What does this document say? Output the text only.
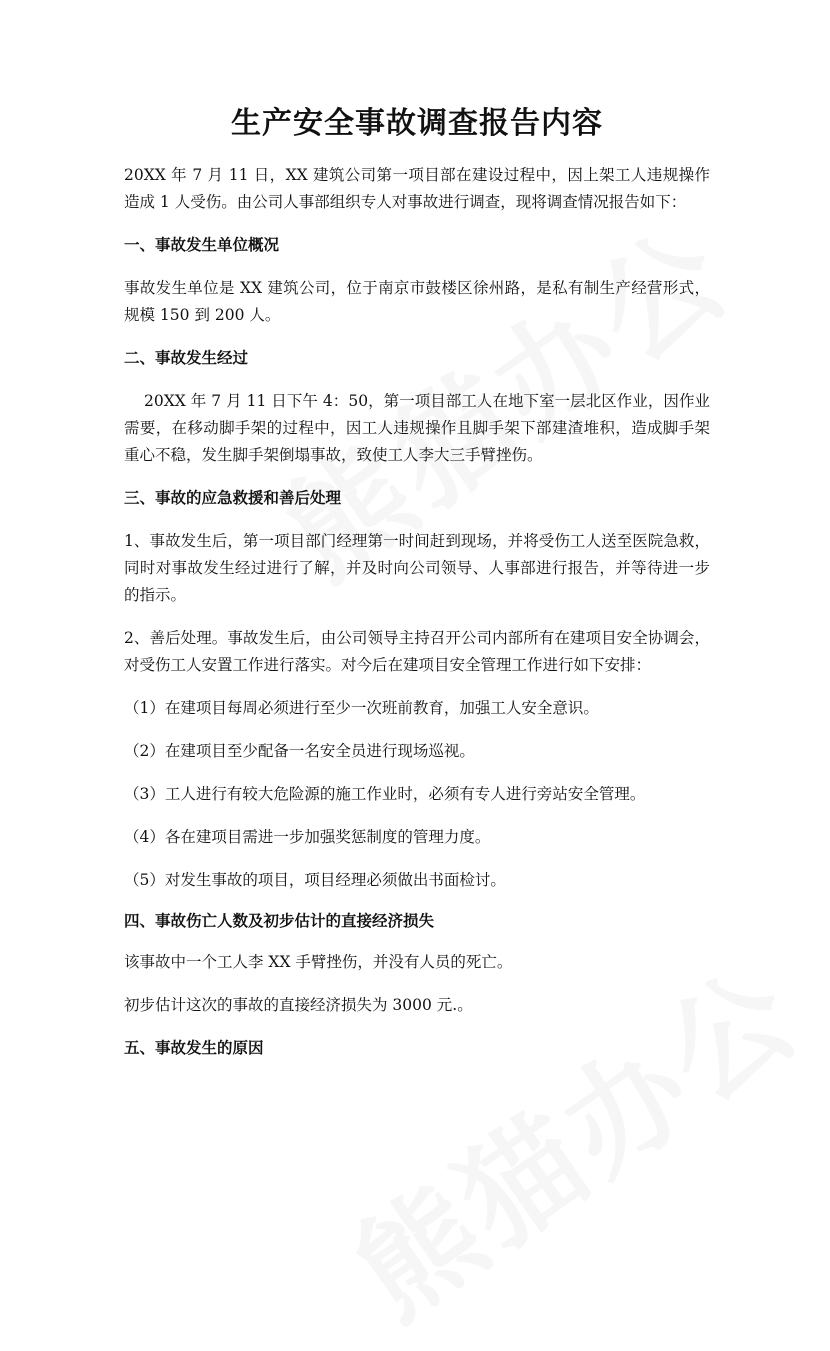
生产安全事故调查报告内容

20XX 年 7 月 11 日，XX 建筑公司第一项目部在建设过程中，因上架工人违规操作造成 1 人受伤。由公司人事部组织专人对事故进行调查，现将调查情况报告如下：

一、事故发生单位概况

事故发生单位是 XX 建筑公司，位于南京市鼓楼区徐州路，是私有制生产经营形式，规模 150 到 200 人。

二、事故发生经过

20XX 年 7 月 11 日下午 4：50，第一项目部工人在地下室一层北区作业，因作业需要，在移动脚手架的过程中，因工人违规操作且脚手架下部建渣堆积，造成脚手架重心不稳，发生脚手架倒塌事故，致使工人李大三手臂挫伤。

三、事故的应急救援和善后处理

1、事故发生后，第一项目部门经理第一时间赶到现场，并将受伤工人送至医院急救，同时对事故发生经过进行了解，并及时向公司领导、人事部进行报告，并等待进一步的指示。

2、善后处理。事故发生后，由公司领导主持召开公司内部所有在建项目安全协调会，对受伤工人安置工作进行落实。对今后在建项目安全管理工作进行如下安排：

（1）在建项目每周必须进行至少一次班前教育，加强工人安全意识。

（2）在建项目至少配备一名安全员进行现场巡视。

（3）工人进行有较大危险源的施工作业时，必须有专人进行旁站安全管理。

（4）各在建项目需进一步加强奖惩制度的管理力度。

（5）对发生事故的项目，项目经理必须做出书面检讨。

四、事故伤亡人数及初步估计的直接经济损失

该事故中一个工人李 XX 手臂挫伤，并没有人员的死亡。

初步估计这次的事故的直接经济损失为 3000 元.。

五、事故发生的原因
